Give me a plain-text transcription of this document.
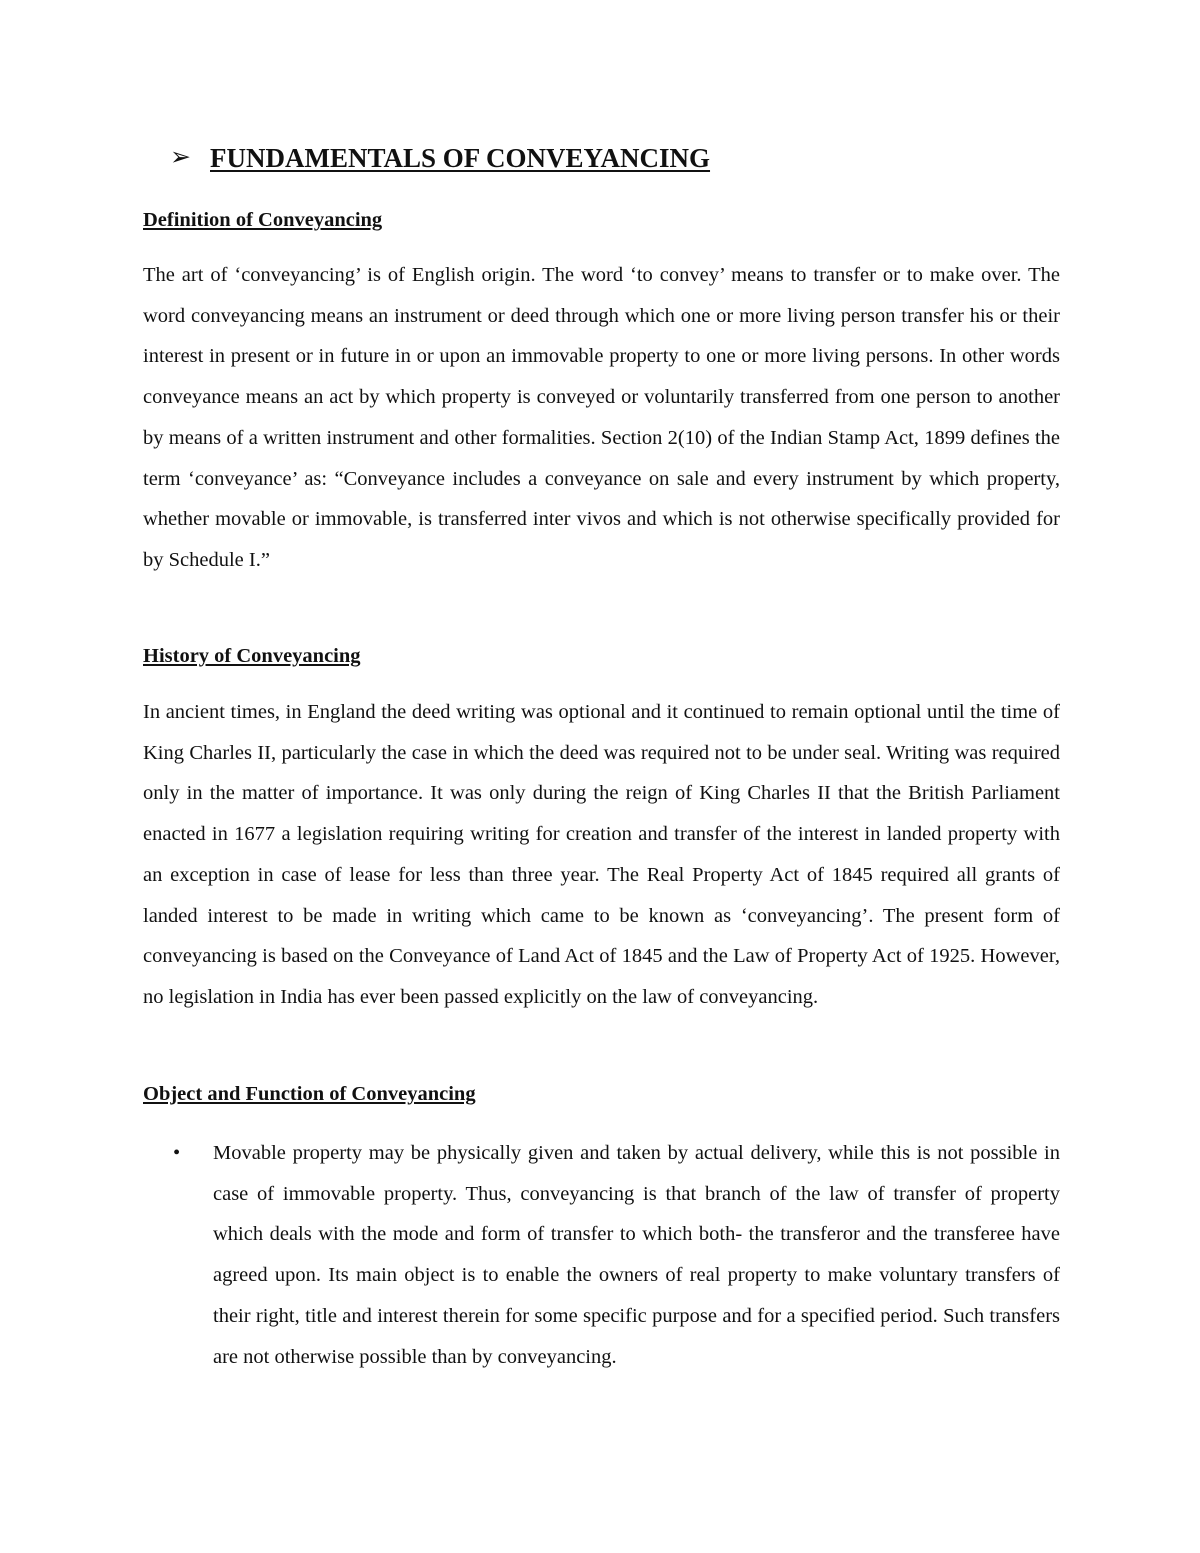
➢ FUNDAMENTALS OF CONVEYANCING
Definition of Conveyancing

The art of ‘conveyancing’ is of English origin. The word ‘to convey’ means to transfer or to make over. The word conveyancing means an instrument or deed through which one or more living person transfer his or their interest in present or in future in or upon an immovable property to one or more living persons. In other words conveyance means an act by which property is conveyed or voluntarily transferred from one person to another by means of a written instrument and other formalities. Section 2(10) of the Indian Stamp Act, 1899 defines the term ‘conveyance’ as: “Conveyance includes a conveyance on sale and every instrument by which property, whether movable or immovable, is transferred inter vivos and which is not otherwise specifically provided for by Schedule I.”

History of Conveyancing

In ancient times, in England the deed writing was optional and it continued to remain optional until the time of King Charles II, particularly the case in which the deed was required not to be under seal. Writing was required only in the matter of importance. It was only during the reign of King Charles II that the British Parliament enacted in 1677 a legislation requiring writing for creation and transfer of the interest in landed property with an exception in case of lease for less than three year. The Real Property Act of 1845 required all grants of landed interest to be made in writing which came to be known as ‘conveyancing’. The present form of conveyancing is based on the Conveyance of Land Act of 1845 and the Law of Property Act of 1925. However, no legislation in India has ever been passed explicitly on the law of conveyancing.

Object and Function of Conveyancing
•	Movable property may be physically given and taken by actual delivery, while this is not possible in case of immovable property. Thus, conveyancing is that branch of the law of transfer of property which deals with the mode and form of transfer to which both- the transferor and the transferee have agreed upon. Its main object is to enable the owners of real property to make voluntary transfers of their right, title and interest therein for some specific purpose and for a specified period. Such transfers are not otherwise possible than by conveyancing.
